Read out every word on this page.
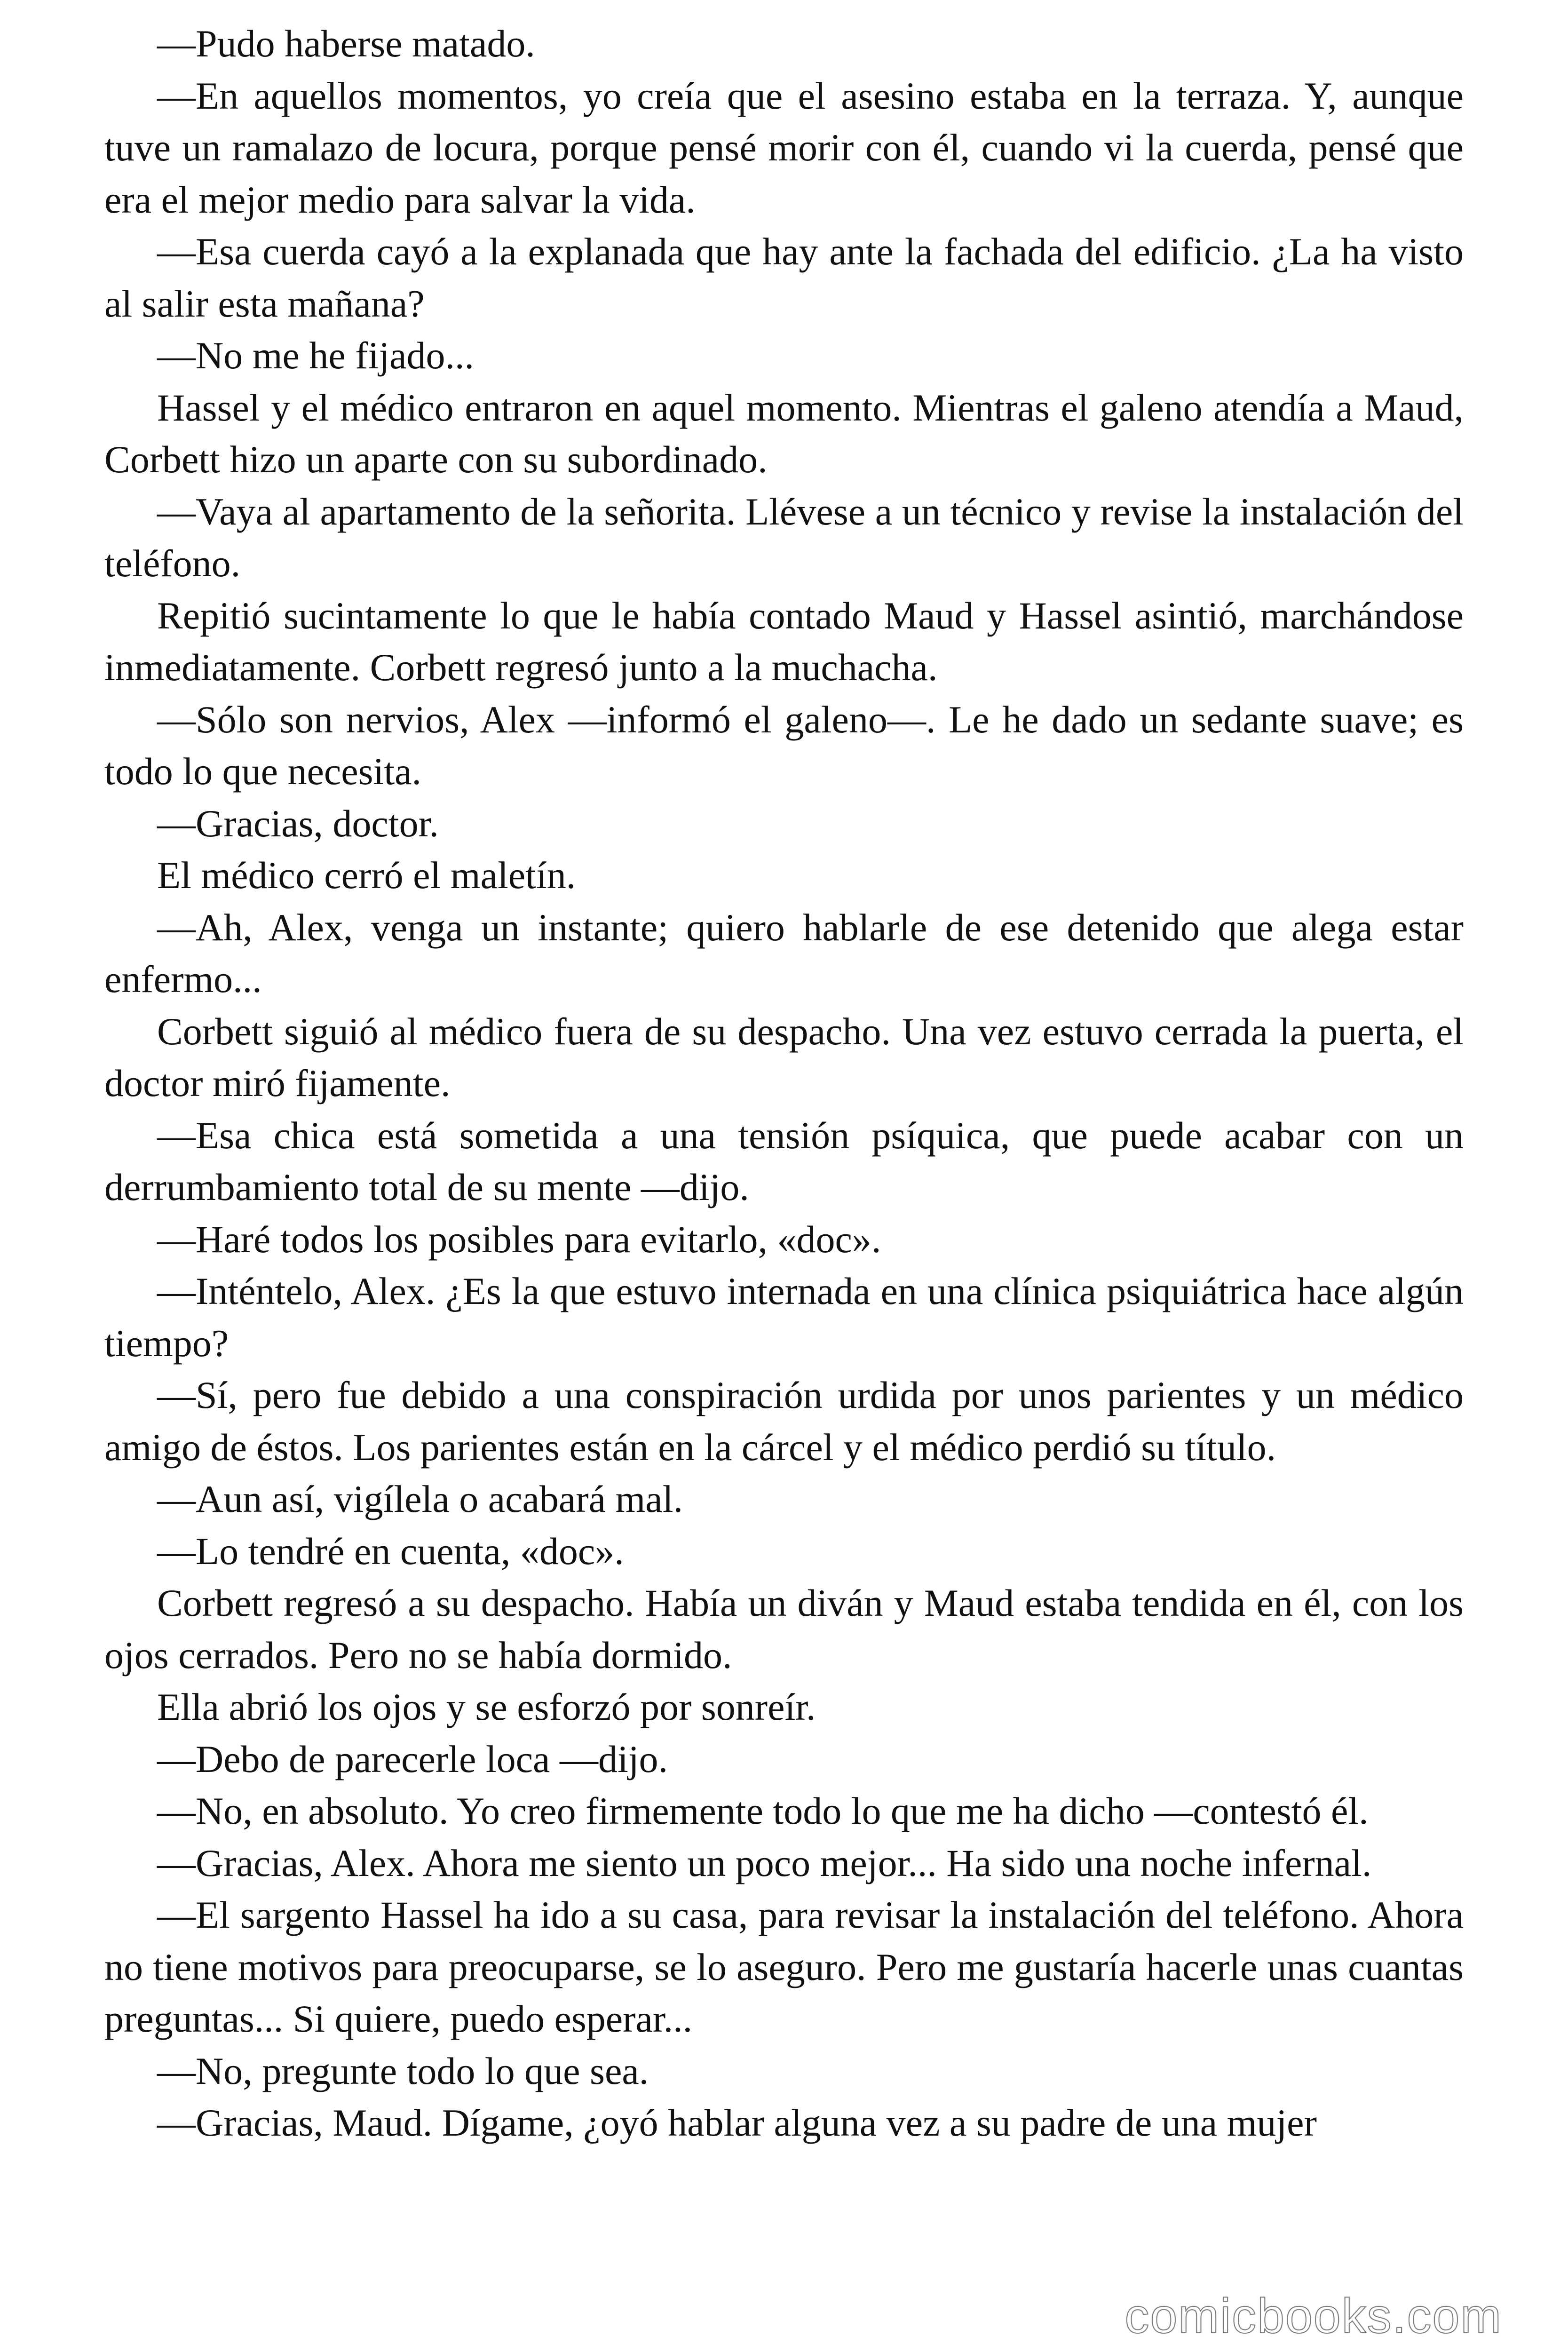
—Pudo haberse matado.

—En aquellos momentos, yo creía que el asesino estaba en la terraza. Y, aunque tuve un ramalazo de locura, porque pensé morir con él, cuando vi la cuerda, pensé que era el mejor medio para salvar la vida.

—Esa cuerda cayó a la explanada que hay ante la fachada del edificio. ¿La ha visto al salir esta mañana?

—No me he fijado...

Hassel y el médico entraron en aquel momento. Mientras el galeno atendía a Maud, Corbett hizo un aparte con su subordinado.

—Vaya al apartamento de la señorita. Llévese a un técnico y revise la instalación del teléfono.

Repitió sucintamente lo que le había contado Maud y Hassel asintió, marchándose inmediatamente. Corbett regresó junto a la muchacha.

—Sólo son nervios, Alex —informó el galeno—. Le he dado un sedante suave; es todo lo que necesita.

—Gracias, doctor.

El médico cerró el maletín.

—Ah, Alex, venga un instante; quiero hablarle de ese detenido que alega estar enfermo...

Corbett siguió al médico fuera de su despacho. Una vez estuvo cerrada la puerta, el doctor miró fijamente.

—Esa chica está sometida a una tensión psíquica, que puede acabar con un derrumbamiento total de su mente —dijo.

—Haré todos los posibles para evitarlo, «doc».

—Inténtelo, Alex. ¿Es la que estuvo internada en una clínica psiquiátrica hace algún tiempo?

—Sí, pero fue debido a una conspiración urdida por unos parientes y un médico amigo de éstos. Los parientes están en la cárcel y el médico perdió su título.

—Aun así, vigílela o acabará mal.

—Lo tendré en cuenta, «doc».

Corbett regresó a su despacho. Había un diván y Maud estaba tendida en él, con los ojos cerrados. Pero no se había dormido.

Ella abrió los ojos y se esforzó por sonreír.

—Debo de parecerle loca —dijo.

—No, en absoluto. Yo creo firmemente todo lo que me ha dicho —contestó él.

—Gracias, Alex. Ahora me siento un poco mejor... Ha sido una noche infernal.

—El sargento Hassel ha ido a su casa, para revisar la instalación del teléfono. Ahora no tiene motivos para preocuparse, se lo aseguro. Pero me gustaría hacerle unas cuantas preguntas... Si quiere, puedo esperar...

—No, pregunte todo lo que sea.

—Gracias, Maud. Dígame, ¿oyó hablar alguna vez a su padre de una mujer

comicbooks.com
